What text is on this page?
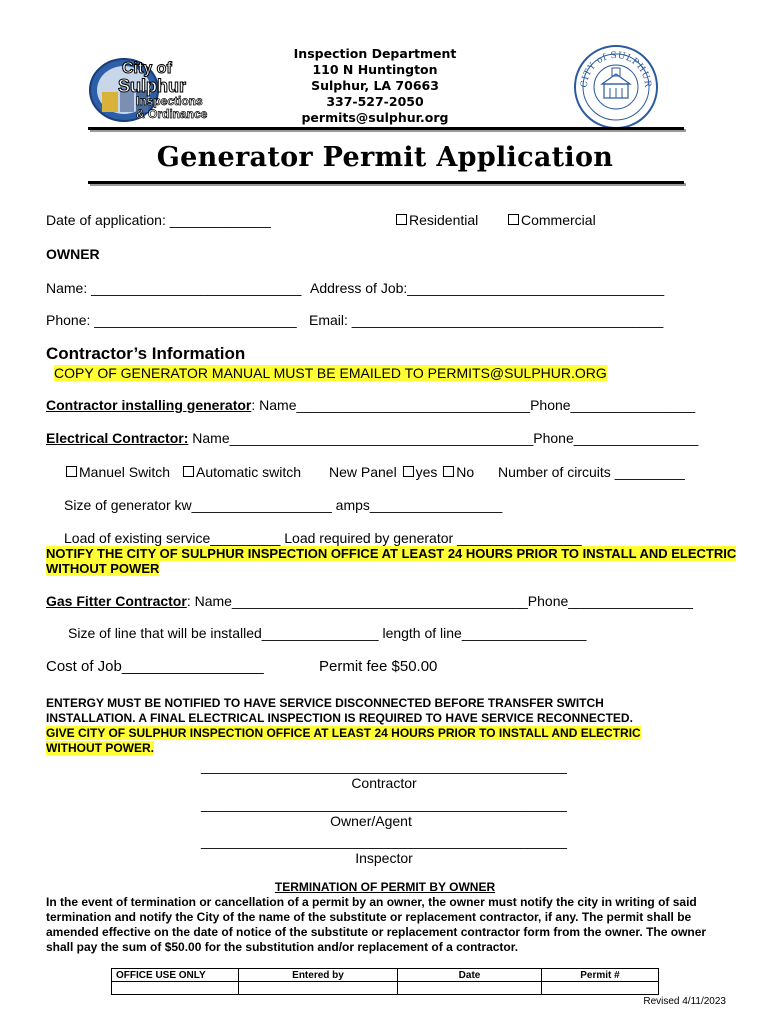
City of
Sulphur
Inspections
& Ordinance
Inspection Department
110 N Huntington
Sulphur, LA 70663
337-527-2050
permits@sulphur.org
CITY of SULPHUR
Generator Permit Application
Date of application: _____________	Residential	Commercial
OWNER
Name: ___________________________ Address of Job:_________________________________
Phone: __________________________ Email: ________________________________________
Contractor’s Information
COPY OF GENERATOR MANUAL MUST BE EMAILED TO PERMITS@SULPHUR.ORG
Contractor installing generator: Name______________________________Phone________________
Electrical Contractor: Name_______________________________________Phone________________
Manuel Switch	Automatic switch New Panel yes No Number of circuits _________
Size of generator kw__________________ amps_________________
Load of existing service_________ Load required by generator ________________
NOTIFY THE CITY OF SULPHUR INSPECTION OFFICE AT LEAST 24 HOURS PRIOR TO INSTALL AND ELECTRIC
WITHOUT POWER
Gas Fitter Contractor: Name______________________________________Phone________________
Size of line that will be installed_______________ length of line________________
Cost of Job_________________	Permit fee $50.00
ENTERGY MUST BE NOTIFIED TO HAVE SERVICE DISCONNECTED BEFORE TRANSFER SWITCH
INSTALLATION. A FINAL ELECTRICAL INSPECTION IS REQUIRED TO HAVE SERVICE RECONNECTED.
GIVE CITY OF SULPHUR INSPECTION OFFICE AT LEAST 24 HOURS PRIOR TO INSTALL AND ELECTRIC
WITHOUT POWER.
_______________________________________________
Contractor
_______________________________________________
Owner/Agent
_______________________________________________
Inspector
TERMINATION OF PERMIT BY OWNER
In the event of termination or cancellation of a permit by an owner, the owner must notify the city in writing of said termination and notify the City of the name of the substitute or replacement contractor, if any. The permit shall be amended effective on the date of notice of the substitute or replacement contractor form from the owner. The owner shall pay the sum of $50.00 for the substitution and/or replacement of a contractor.
OFFICE USE ONLY	Entered by	Date	Permit #

Revised 4/11/2023
